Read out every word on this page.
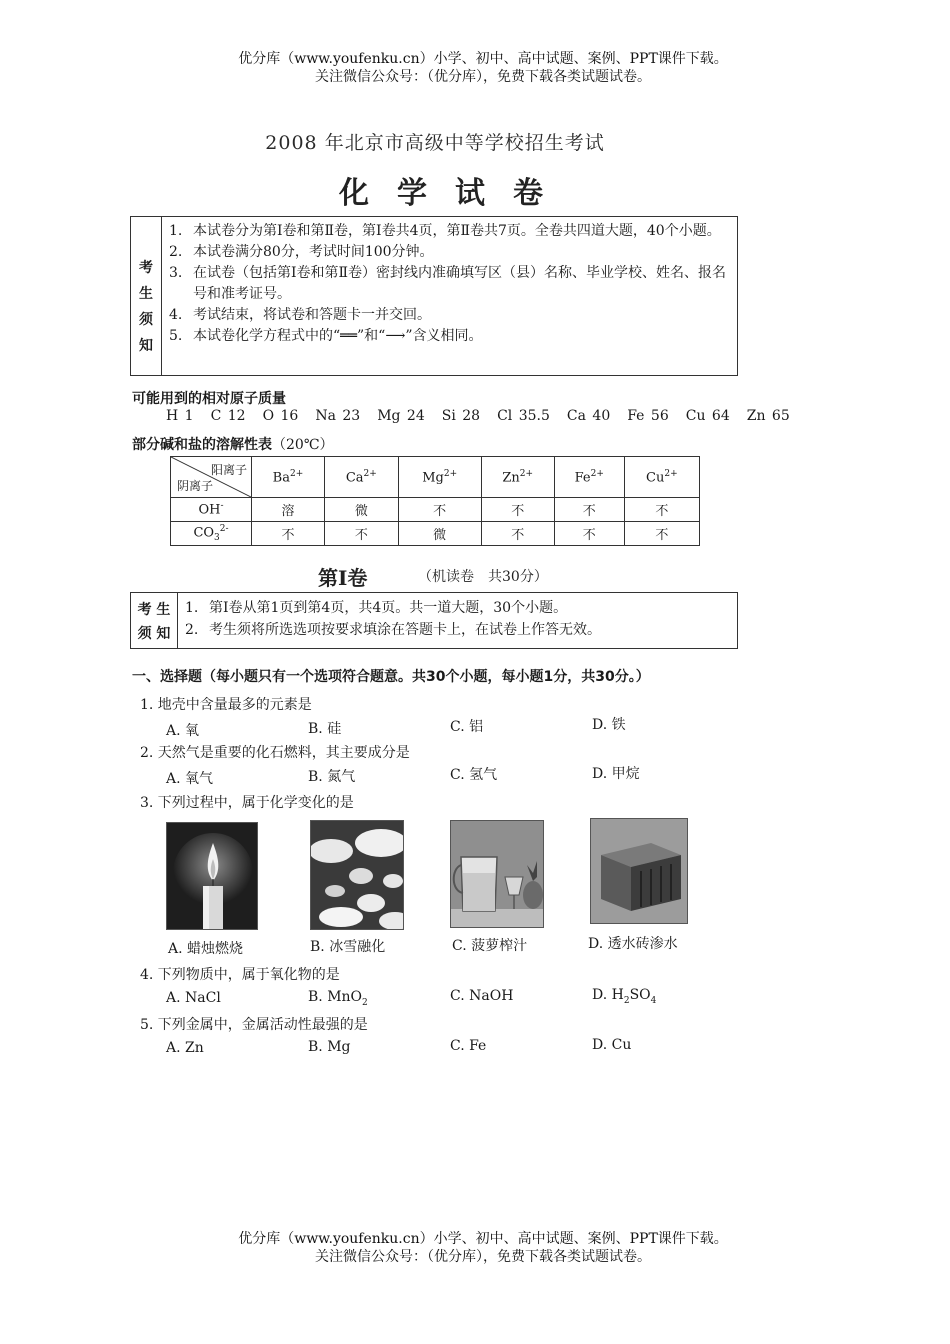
优分库（www.youfenku.cn）小学、初中、高中试题、案例、PPT课件下载。
关注微信公众号：（优分库），免费下载各类试题试卷。
2008 年北京市高级中等学校招生考试
化学试卷
考
生
须
知
1. 本试卷分为第Ⅰ卷和第Ⅱ卷，第Ⅰ卷共4页，第Ⅱ卷共7页。全卷共四道大题，40个小题。
2. 本试卷满分80分，考试时间100分钟。
3. 在试卷（包括第Ⅰ卷和第Ⅱ卷）密封线内准确填写区（县）名称、毕业学校、姓名、报名号和准考证号。
4. 考试结束，将试卷和答题卡一并交回。
5. 本试卷化学方程式中的“══”和“⟶”含义相同。
可能用到的相对原子质量
H 1 C 12 O 16 Na 23 Mg 24 Si 28 Cl 35.5 Ca 40 Fe 56 Cu 64 Zn 65
部分碱和盐的溶解性表（20℃）
阳离子
阴离子	$Ba^{2+}$	$Ca^{2+}$	$Mg^{2+}$	$Zn^{2+}$	$Fe^{2+}$	$Cu^{2+}$
OH-	溶	微	不	不	不	不
$CO_3^{2-}$	不	不	微	不	不	不
第Ⅰ卷	（机读卷　共30分）
考 生
须 知
1. 第Ⅰ卷从第1页到第4页，共4页。共一道大题，30个小题。
2. 考生须将所选选项按要求填涂在答题卡上，在试卷上作答无效。
一、选择题（每小题只有一个选项符合题意。共30个小题，每小题1分，共30分。）
1. 地壳中含量最多的元素是
A. 氧	B. 硅	C. 铝	D. 铁
2. 天然气是重要的化石燃料，其主要成分是
A. 氧气	B. 氮气	C. 氢气	D. 甲烷
3. 下列过程中，属于化学变化的是
A. 蜡烛燃烧	B. 冰雪融化	C. 菠萝榨汁	D. 透水砖渗水
4. 下列物质中，属于氧化物的是
A. NaCl	B. MnO$_2$	C. NaOH	D. $H_2SO_4$
5. 下列金属中，金属活动性最强的是
A. Zn	B. Mg	C. Fe	D. Cu
优分库（www.youfenku.cn）小学、初中、高中试题、案例、PPT课件下载。
关注微信公众号：（优分库），免费下载各类试题试卷。
